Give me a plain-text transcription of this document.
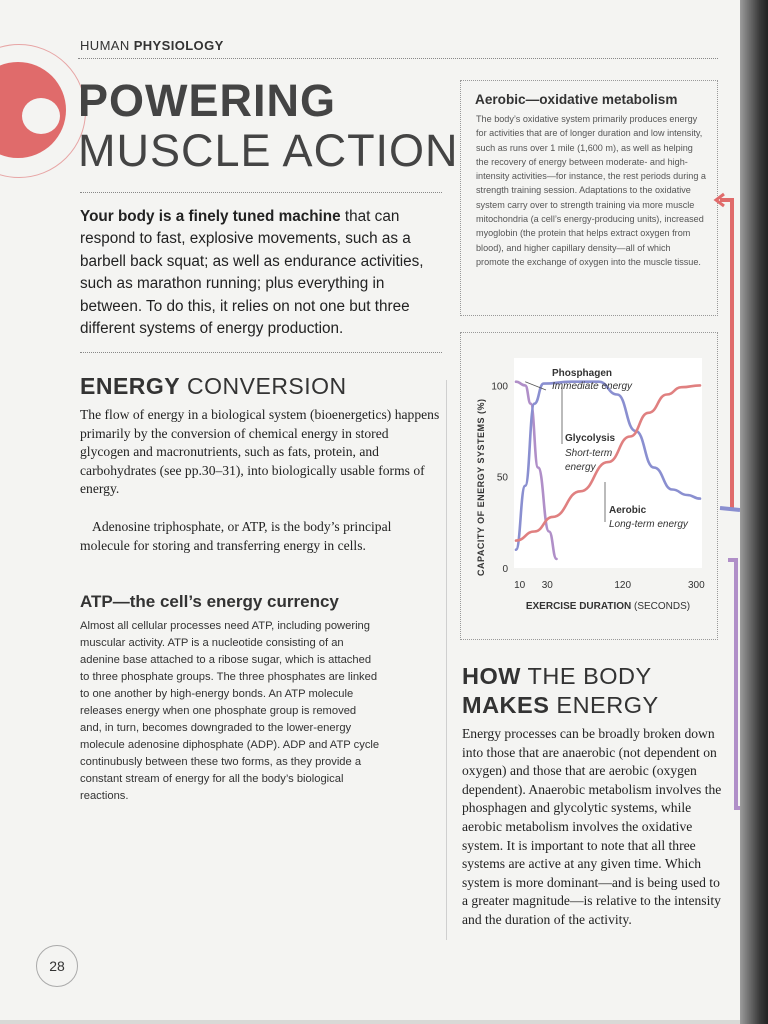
HUMAN PHYSIOLOGY
POWERING
MUSCLE ACTION
Your body is a finely tuned machine that can respond to fast, explosive movements, such as a barbell back squat; as well as endurance activities, such as marathon running; plus everything in between. To do this, it relies on not one but three different systems of energy production.
ENERGY CONVERSION
The flow of energy in a biological system (bioenergetics) happens primarily by the conversion of chemical energy in stored glycogen and macronutrients, such as fats, protein, and carbohydrates (see pp.30–31), into biologically usable forms of energy.
Adenosine triphosphate, or ATP, is the body’s principal molecule for storing and transferring energy in cells.
ATP—the cell’s energy currency
Almost all cellular processes need ATP, including powering muscular activity. ATP is a nucleotide consisting of an adenine base attached to a ribose sugar, which is attached to three phosphate groups. The three phosphates are linked to one another by high-energy bonds. An ATP molecule releases energy when one phosphate group is removed and, in turn, becomes downgraded to the lower-energy molecule adenosine diphosphate (ADP). ADP and ATP cycle continubusly between these two forms, as they provide a constant stream of energy for all the body’s biological reactions.
Aerobic—oxidative metabolism
The body’s oxidative system primarily produces energy for activities that are of longer duration and low intensity, such as runs over 1 mile (1,600 m), as well as helping the recovery of energy between moderate- and high-intensity activities—for instance, the rest periods during a strength training session. Adaptations to the oxidative system carry over to strength training via more muscle mitochondria (a cell’s energy-producing units), increased myoglobin (the protein that helps extract oxygen from blood), and higher capillary density—all of which promote the exchange of oxygen into the muscle tissue.
CAPACITY OF ENERGY SYSTEMS (%) 0
50
100
10 30	120	300
EXERCISE DURATION (SECONDS)
Phosphagen
Immediate energy
Glycolysis
Short-term
energy
Aerobic
Long-term energy
HOW THE BODY
MAKES ENERGY
Energy processes can be broadly broken down into those that are anaerobic (not dependent on oxygen) and those that are aerobic (oxygen dependent). Anaerobic metabolism involves the phosphagen and glycolytic systems, while aerobic metabolism involves the oxidative system. It is important to note that all three systems are active at any given time. Which system is more dominant—and is being used to a greater magnitude—is relative to the intensity and the duration of the activity.
28
